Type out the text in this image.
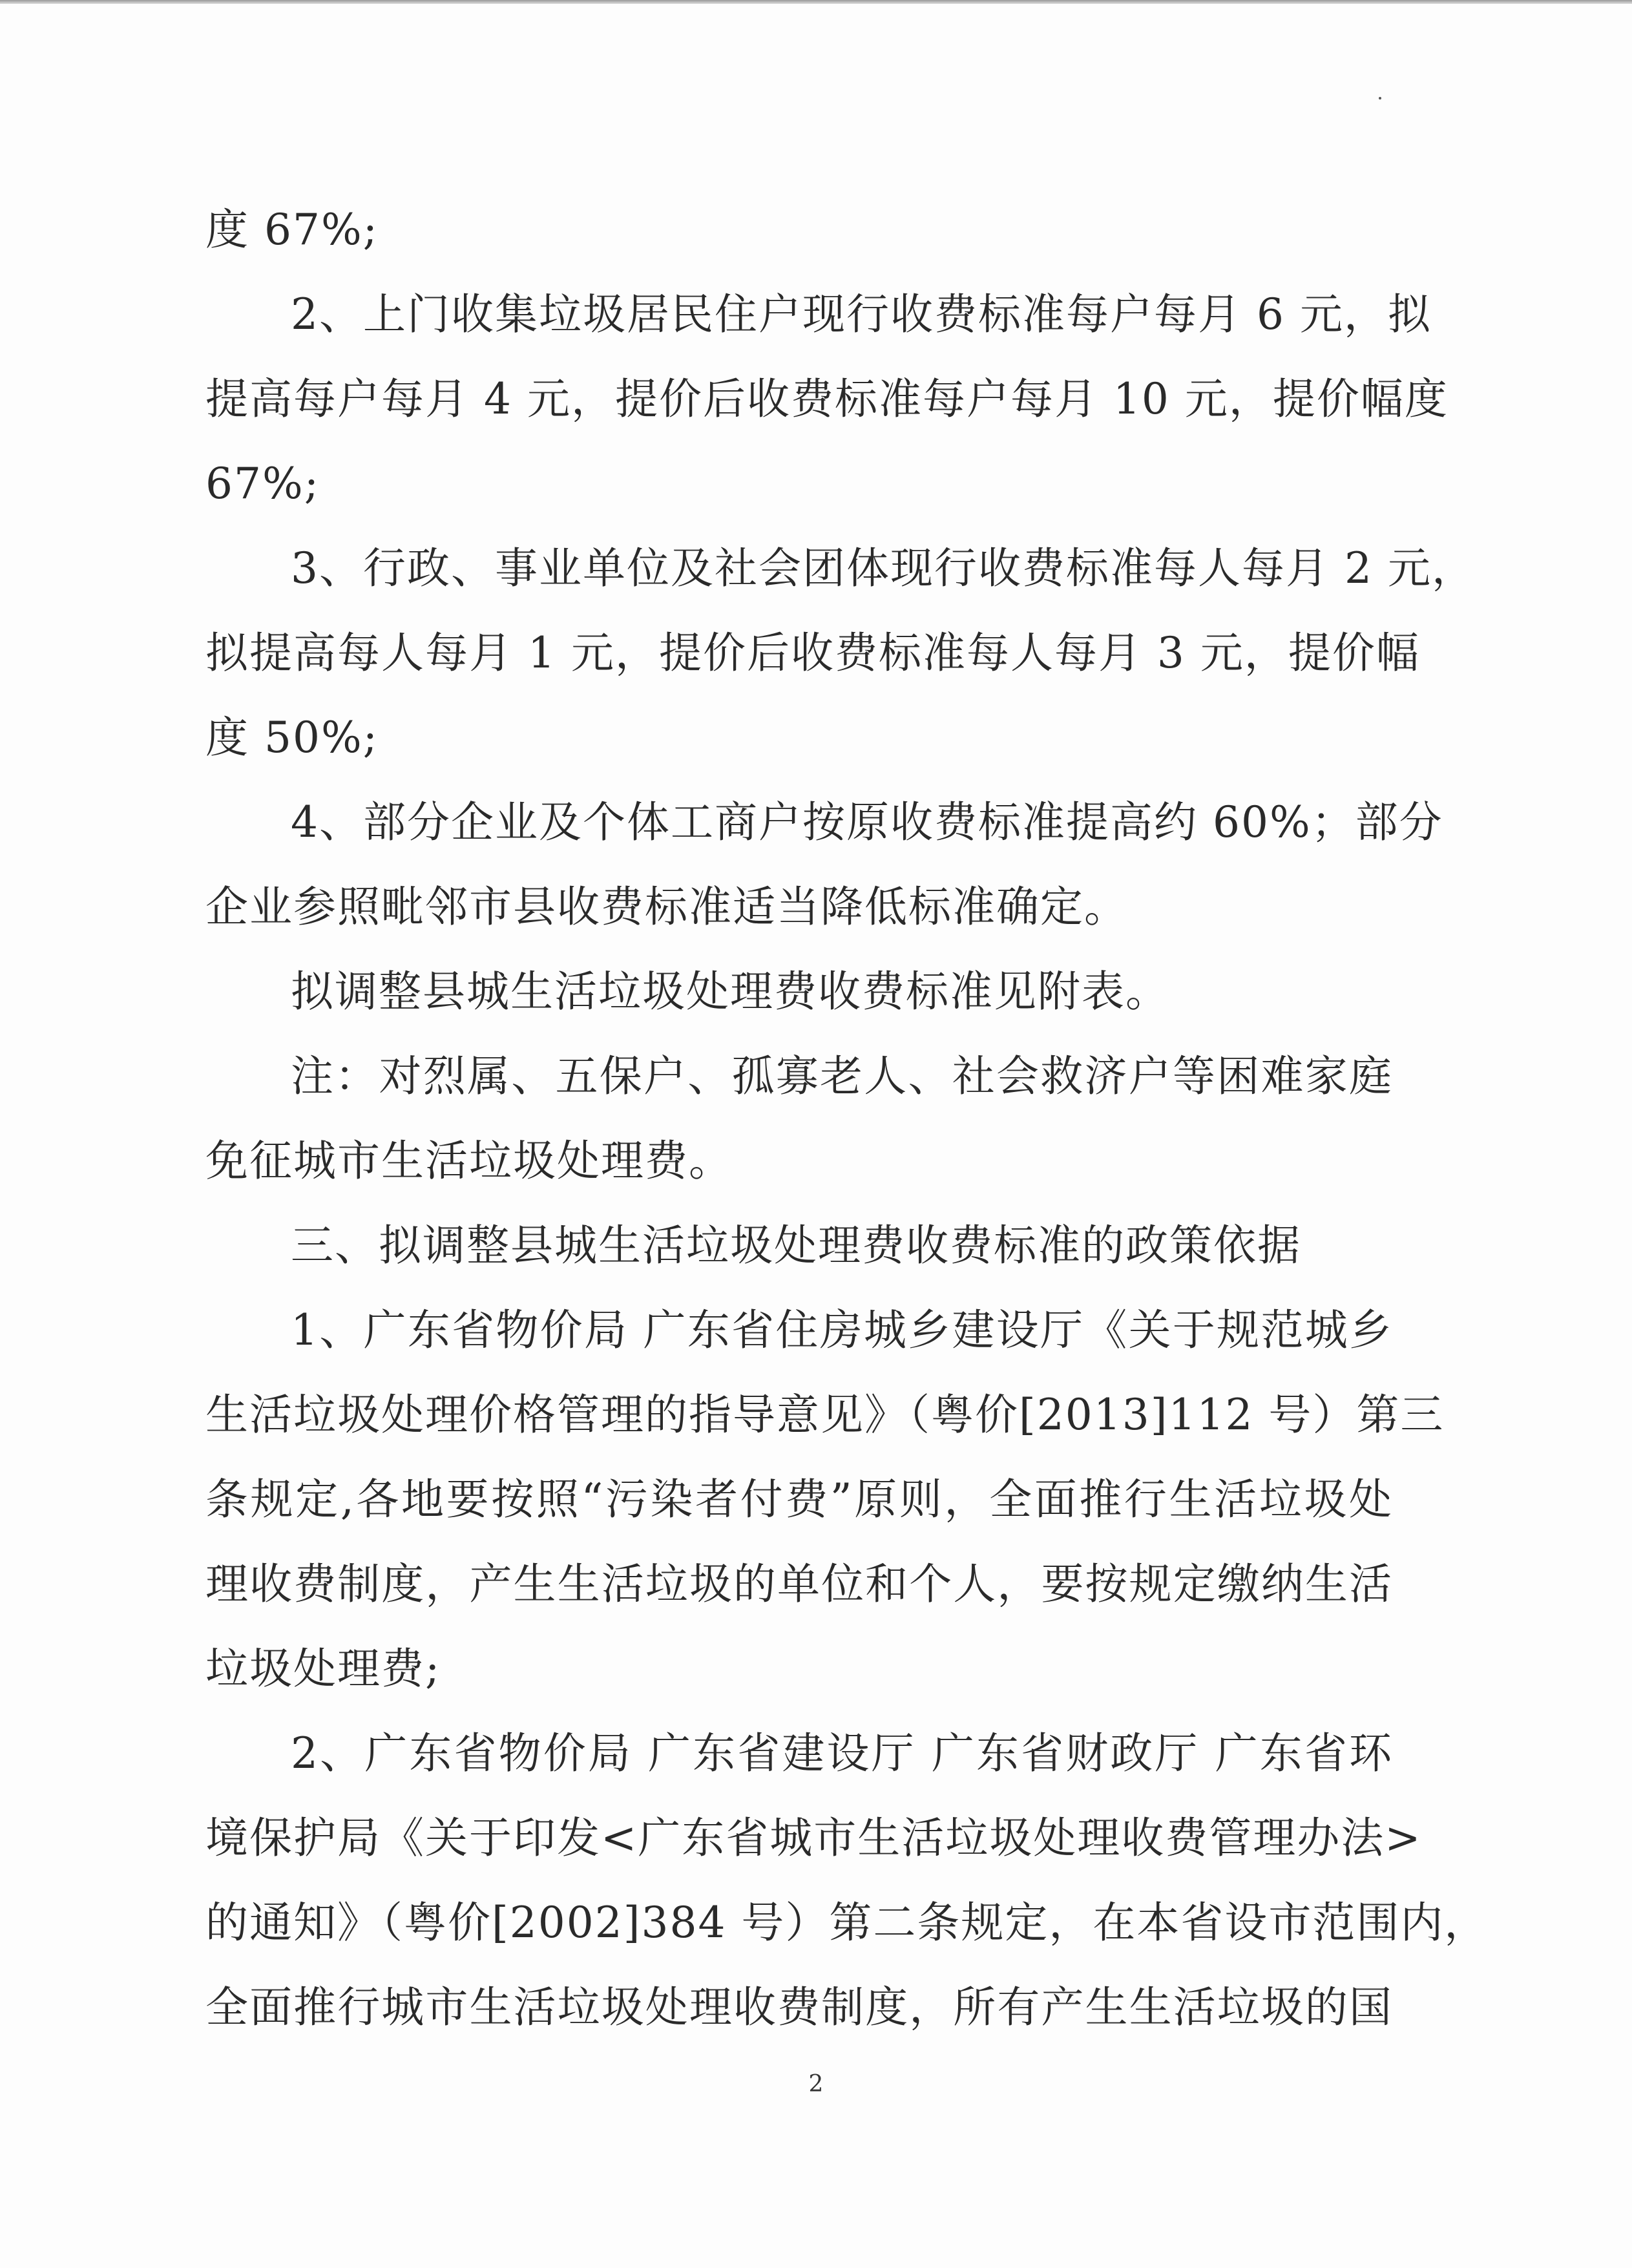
度 67%;
2、上门收集垃圾居民住户现行收费标准每户每月 6 元，拟
提高每户每月 4 元，提价后收费标准每户每月 10 元，提价幅度
67%;
3、行政、事业单位及社会团体现行收费标准每人每月 2 元，
拟提高每人每月 1 元，提价后收费标准每人每月 3 元，提价幅
度 50%;
4、部分企业及个体工商户按原收费标准提高约 60%；部分
企业参照毗邻市县收费标准适当降低标准确定。
拟调整县城生活垃圾处理费收费标准见附表。
注：对烈属、五保户、孤寡老人、社会救济户等困难家庭
免征城市生活垃圾处理费。
三、拟调整县城生活垃圾处理费收费标准的政策依据
1、广东省物价局 广东省住房城乡建设厅《关于规范城乡
生活垃圾处理价格管理的指导意见》（粤价[2013]112 号）第三
条规定,各地要按照“污染者付费”原则，全面推行生活垃圾处
理收费制度，产生生活垃圾的单位和个人，要按规定缴纳生活
垃圾处理费;
2、广东省物价局 广东省建设厅 广东省财政厅 广东省环
境保护局《关于印发<广东省城市生活垃圾处理收费管理办法>
的通知》（粤价[2002]384 号）第二条规定，在本省设市范围内，
全面推行城市生活垃圾处理收费制度，所有产生生活垃圾的国
2
